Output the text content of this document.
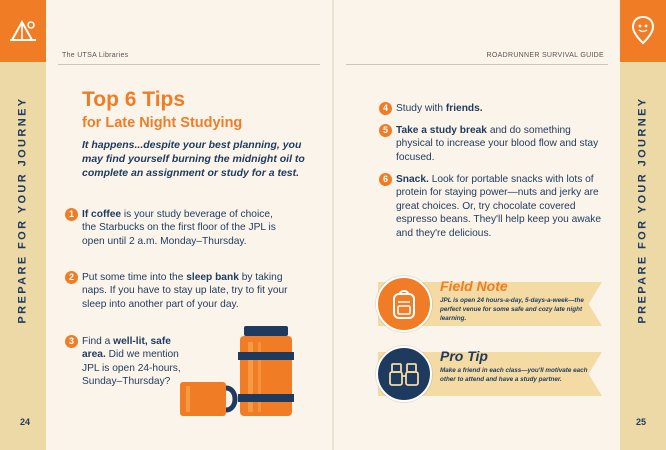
PREPARE FOR YOUR JOURNEY
24
PREPARE FOR YOUR JOURNEY
25
The UTSA Libraries	ROADRUNNER SURVIVAL GUIDE
Top 6 Tips
for Late Night Studying
It happens...despite your best planning, you may find yourself burning the midnight oil to complete an assignment or study for a test.
1 If coffee is your study beverage of choice, the Starbucks on the first floor of the JPL is open until 2 a.m. Monday–Thursday.
2 Put some time into the sleep bank by taking naps. If you have to stay up late, try to fit your sleep into another part of your day.
3 Find a well-lit, safe area. Did we mention JPL is open 24-hours, Sunday–Thursday?
4 Study with friends.
5 Take a study break and do something physical to increase your blood flow and stay focused.
6 Snack. Look for portable snacks with lots of protein for staying power—nuts and jerky are great choices. Or, try chocolate covered espresso beans. They'll help keep you awake and they're delicious.
Field Note
JPL is open 24 hours-a-day, 5-days-a-week—the perfect venue for some safe and cozy late night learning.
Pro Tip
Make a friend in each class—you'll motivate each other to attend and have a study partner.
